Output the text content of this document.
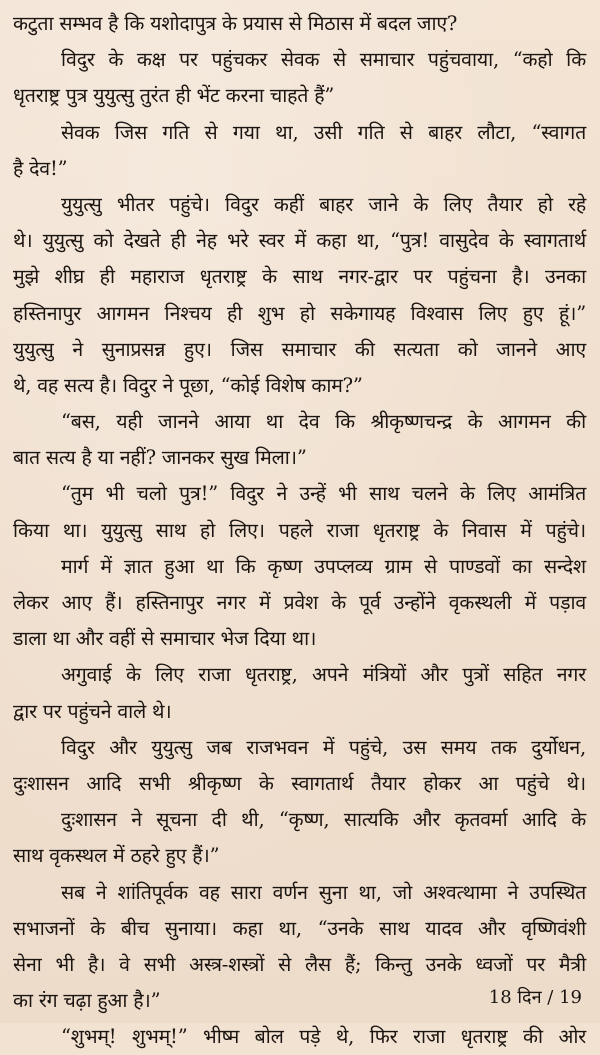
कटुता सम्भव है कि यशोदापुत्र के प्रयास से मिठास में बदल जाए?
विदुर के कक्ष पर पहुंचकर सेवक से समाचार पहुंचवाया, “कहो कि
धृतराष्ट्र पुत्र युयुत्सु तुरंत ही भेंट करना चाहते हैं”
सेवक जिस गति से गया था, उसी गति से बाहर लौटा, “स्वागत
है देव!”
युयुत्सु भीतर पहुंचे। विदुर कहीं बाहर जाने के लिए तैयार हो रहे
थे। युयुत्सु को देखते ही नेह भरे स्वर में कहा था, “पुत्र! वासुदेव के स्वागतार्थ
मुझे शीघ्र ही महाराज धृतराष्ट्र के साथ नगर-द्वार पर पहुंचना है। उनका
हस्तिनापुर आगमन निश्चय ही शुभ हो सकेगायह विश्वास लिए हुए हूं।”
युयुत्सु ने सुनाप्रसन्न हुए। जिस समाचार की सत्यता को जानने आए
थे, वह सत्य है। विदुर ने पूछा, “कोई विशेष काम?”
“बस, यही जानने आया था देव कि श्रीकृष्णचन्द्र के आगमन की
बात सत्य है या नहीं? जानकर सुख मिला।”
“तुम भी चलो पुत्र!” विदुर ने उन्हें भी साथ चलने के लिए आमंत्रित
किया था। युयुत्सु साथ हो लिए। पहले राजा धृतराष्ट्र के निवास में पहुंचे।
मार्ग में ज्ञात हुआ था कि कृष्ण उपप्लव्य ग्राम से पाण्डवों का सन्देश
लेकर आए हैं। हस्तिनापुर नगर में प्रवेश के पूर्व उन्होंने वृकस्थली में पड़ाव
डाला था और वहीं से समाचार भेज दिया था।
अगुवाई के लिए राजा धृतराष्ट्र, अपने मंत्रियों और पुत्रों सहित नगर
द्वार पर पहुंचने वाले थे।
विदुर और युयुत्सु जब राजभवन में पहुंचे, उस समय तक दुर्योधन,
दुःशासन आदि सभी श्रीकृष्ण के स्वागतार्थ तैयार होकर आ पहुंचे थे।
दुःशासन ने सूचना दी थी, “कृष्ण, सात्यकि और कृतवर्मा आदि के
साथ वृकस्थल में ठहरे हुए हैं।”
सब ने शांतिपूर्वक वह सारा वर्णन सुना था, जो अश्वत्थामा ने उपस्थित
सभाजनों के बीच सुनाया। कहा था, “उनके साथ यादव और वृष्णिवंशी
सेना भी है। वे सभी अस्त्र-शस्त्रों से लैस हैं; किन्तु उनके ध्वजों पर मैत्री
का रंग चढ़ा हुआ है।”
“शुभम्! शुभम्!” भीष्म बोल पड़े थे, फिर राजा धृतराष्ट्र की ओर
18 दिन / 19
